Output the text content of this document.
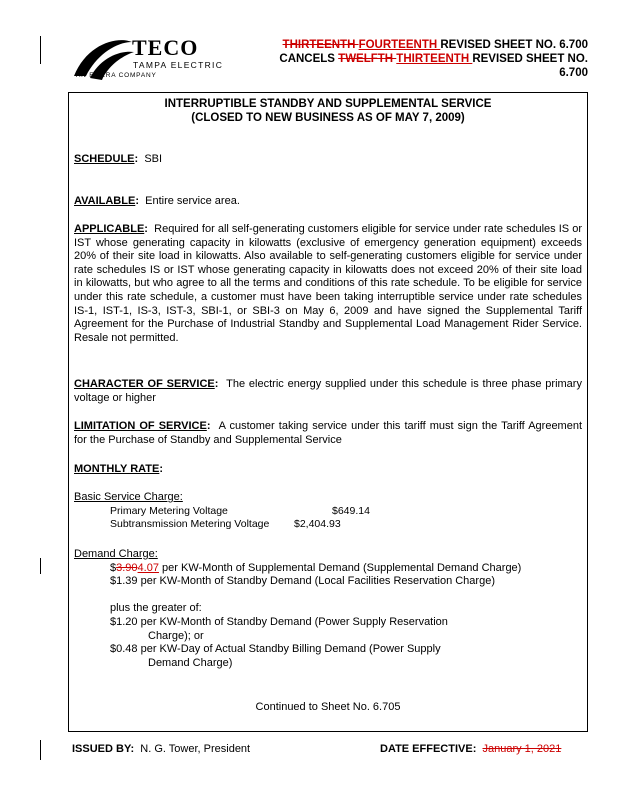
TECO
TAMPA ELECTRIC
AN EMERA COMPANY
THIRTEENTH FOURTEENTH REVISED SHEET NO. 6.700
CANCELS TWELFTH THIRTEENTH REVISED SHEET NO.
6.700
INTERRUPTIBLE STANDBY AND SUPPLEMENTAL SERVICE
(CLOSED TO NEW BUSINESS AS OF MAY 7, 2009)
SCHEDULE: SBI
AVAILABLE: Entire service area.
APPLICABLE: Required for all self-generating customers eligible for service under rate schedules IS or IST whose generating capacity in kilowatts (exclusive of emergency generation equipment) exceeds 20% of their site load in kilowatts. Also available to self-generating customers eligible for service under rate schedules IS or IST whose generating capacity in kilowatts does not exceed 20% of their site load in kilowatts, but who agree to all the terms and conditions of this rate schedule. To be eligible for service under this rate schedule, a customer must have been taking interruptible service under rate schedules IS-1, IST-1, IS-3, IST-3, SBI-1, or SBI-3 on May 6, 2009 and have signed the Supplemental Tariff Agreement for the Purchase of Industrial Standby and Supplemental Load Management Rider Service. Resale not permitted.
CHARACTER OF SERVICE: The electric energy supplied under this schedule is three phase primary voltage or higher
LIMITATION OF SERVICE: A customer taking service under this tariff must sign the Tariff Agreement for the Purchase of Standby and Supplemental Service
MONTHLY RATE:
Basic Service Charge:
Primary Metering Voltage	$649.14
Subtransmission Metering Voltage $2,404.93
Demand Charge:
$3.904.07 per KW-Month of Supplemental Demand (Supplemental Demand Charge)
$1.39 per KW-Month of Standby Demand (Local Facilities Reservation Charge)
plus the greater of:
$1.20 per KW-Month of Standby Demand (Power Supply Reservation
Charge); or
$0.48 per KW-Day of Actual Standby Billing Demand (Power Supply
Demand Charge)
Continued to Sheet No. 6.705
ISSUED BY: N. G. Tower, President	DATE EFFECTIVE: January 1, 2021
